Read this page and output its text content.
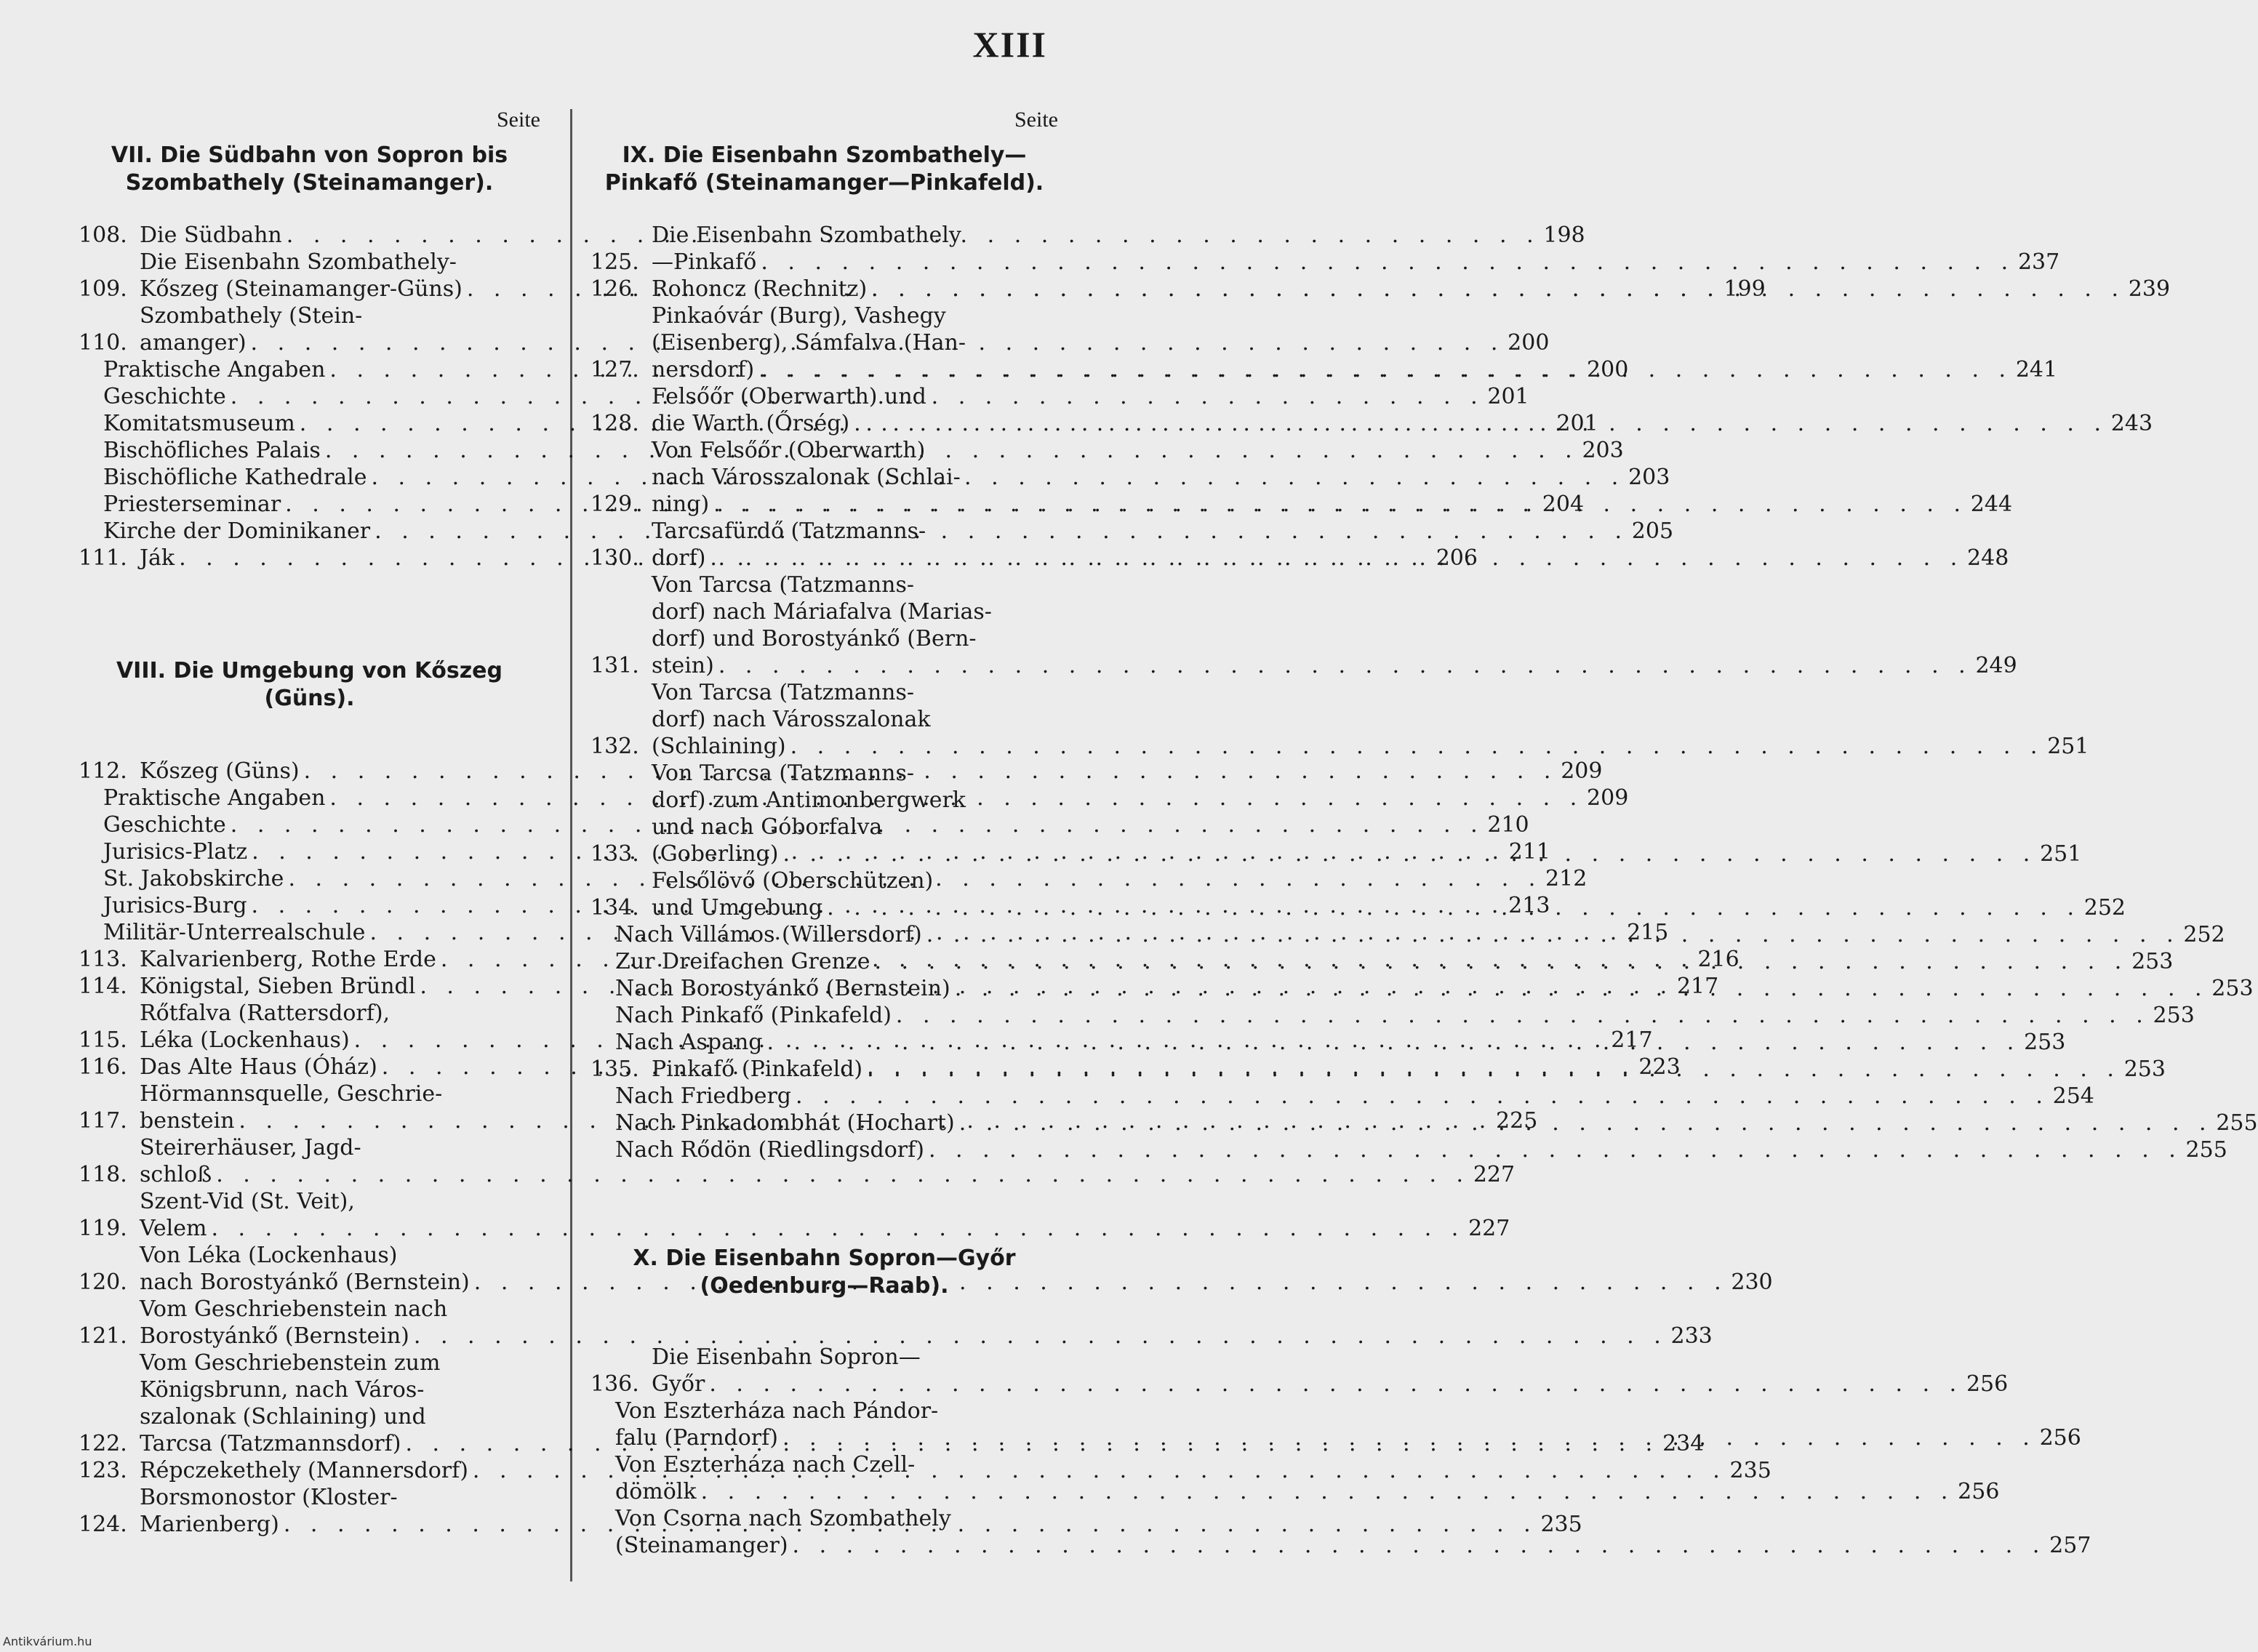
XIII
Seite
VII. Die Südbahn von Sopron bis
Szombathely (Steinamanger).
108. Die Südbahn . . .	198
109.
Die Eisenbahn Szombathely-
Kőszeg (Steinamanger-Güns) . . .	199
110.
Szombathely (Stein-
amanger) . . .	200
Praktische Angaben . . .	200
Geschichte . . .	201
Komitatsmuseum . . .	201
Bischöfliches Palais . . .	203
Bischöfliche Kathedrale . . .	203
Priesterseminar . . .	204
Kirche der Dominikaner . . .	205
111. Ják . . .	206
VIII. Die Umgebung von Kőszeg
(Güns).
112. Kőszeg (Güns) . . .	209
Praktische Angaben . . .	209
Geschichte . . .	210
Jurisics-Platz . . .	211
St. Jakobskirche . . .	212
Jurisics-Burg . . .	213
Militär-Unterrealschule . . .	215
113. Kalvarienberg, Rothe Erde . . .	216
114. Königstal, Sieben Bründl . . .	217
115.
Rőtfalva (Rattersdorf),
Léka (Lockenhaus) . . .	217
116. Das Alte Haus (Óház) . . .	223
117.
Hörmannsquelle, Geschrie-
benstein . . .	225
118.
Steirerhäuser, Jagd-
schloß . . .	227
119.
Szent-Vid (St. Veit),
Velem . . .	227
120.
Von Léka (Lockenhaus)
nach Borostyánkő (Bernstein) . . .	230
121.
Vom Geschriebenstein nach
Borostyánkő (Bernstein) . . .	233
122.
Vom Geschriebenstein zum
Königsbrunn, nach Város-
szalonak (Schlaining) und
Tarcsa (Tatzmannsdorf) . . .	234
123. Répczekethely (Mannersdorf) . . .	235
124.
Borsmonostor (Kloster-
Marienberg) . . .	235
Seite
IX. Die Eisenbahn Szombathely—
Pinkafő (Steinamanger—Pinkafeld).
125.
Die Eisenbahn Szombathely
—Pinkafő . . .	237
126. Rohoncz (Rechnitz) . . .	239
127.
Pinkaóvár (Burg), Vashegy
(Eisenberg), Sámfalva (Han-
nersdorf) . . .	241
128.
Felsőőr (Oberwarth) und
die Warth (Őrség) . . .	243
129.
Von Felsőőr (Oberwarth)
nach Városszalonak (Schlai-
ning) . . .	244
130.
Tarcsafürdő (Tatzmanns-
dorf) . . .	248
131.
Von Tarcsa (Tatzmanns-
dorf) nach Máriafalva (Marias-
dorf) und Borostyánkő (Bern-
stein) . . .	249
132.
Von Tarcsa (Tatzmanns-
dorf) nach Városszalonak
(Schlaining) . . .	251
133.
Von Tarcsa (Tatzmanns-
dorf) zum Antimonbergwerk
und nach Góborfalva
(Goberling) . . .	251
134.
Felsőlövő (Oberschützen)
und Umgebung . . .	252
Nach Villámos (Willersdorf) . . .	252
Zur Dreifachen Grenze . . .	253
Nach Borostyánkő (Bernstein) . . .	253
Nach Pinkafő (Pinkafeld) . . .	253
Nach Aspang . . .	253
135. Pinkafő (Pinkafeld) . . .	253
Nach Friedberg . . .	254
Nach Pinkadombhát (Hochart) . . .	255
Nach Rődön (Riedlingsdorf) . . .	255
X. Die Eisenbahn Sopron—Győr
(Oedenburg—Raab).
136.
Die Eisenbahn Sopron—
Győr . . .	256
Von Eszterháza nach Pándor-
falu (Parndorf) . . .	256
Von Eszterháza nach Czell-
dömölk . . .	256
Von Csorna nach Szombathely
(Steinamanger) . . .	257
Antikvárium.hu
